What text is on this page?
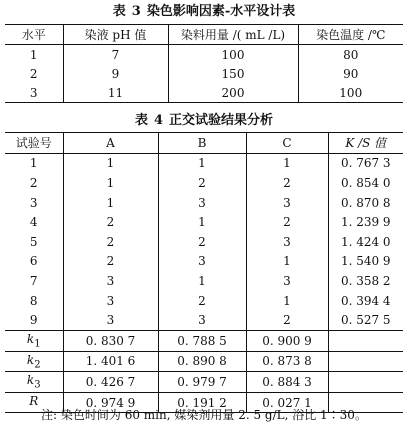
表 3 染色影响因素-水平设计表
水平	染液 pH 值	染料用量 /( mL /L)	染色温度 /℃
1	7	100	80
2	9	150	90
3	11	200	100
表 4 正交试验结果分析
试验号	A	B	C	K /S 值
1	1	1	1	0. 767 3
2	1	2	2	0. 854 0
3	1	3	3	0. 870 8
4	2	1	2	1. 239 9
5	2	2	3	1. 424 0
6	2	3	1	1. 540 9
7	3	1	3	0. 358 2
8	3	2	1	0. 394 4
9	3	3	2	0. 527 5
$k_1$	0. 830 7	0. 788 5	0. 900 9	
$k_2$	1. 401 6	0. 890 8	0. 873 8	
$k_3$	0. 426 7	0. 979 7	0. 884 3	
R	0. 974 9	0. 191 2	0. 027 1	
注: 染色时间为 60 min, 媒染剂用量 2. 5 g/L, 浴比 1∶30。
